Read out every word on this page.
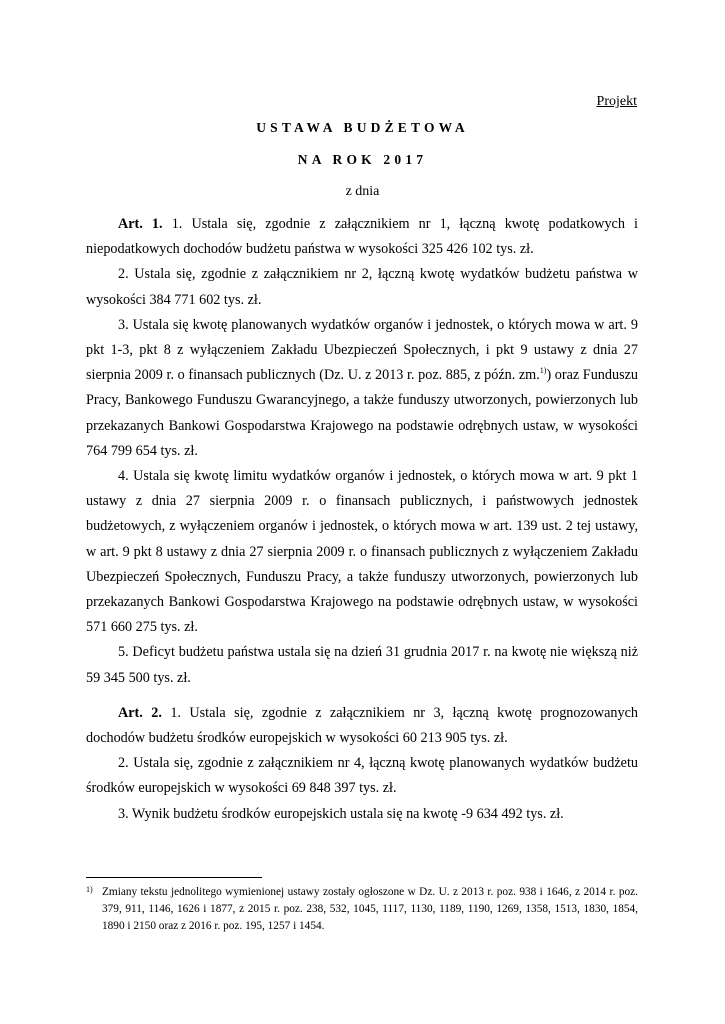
Projekt
USTAWA BUDŻETOWA
NA ROK 2017
z dnia

Art. 1. 1. Ustala się, zgodnie z załącznikiem nr 1, łączną kwotę podatkowych i niepodatkowych dochodów budżetu państwa w wysokości 325 426 102 tys. zł.

2. Ustala się, zgodnie z załącznikiem nr 2, łączną kwotę wydatków budżetu państwa w wysokości 384 771 602 tys. zł.

3. Ustala się kwotę planowanych wydatków organów i jednostek, o których mowa w art. 9 pkt 1-3, pkt 8 z wyłączeniem Zakładu Ubezpieczeń Społecznych, i pkt 9 ustawy z dnia 27 sierpnia 2009 r. o finansach publicznych (Dz. U. z 2013 r. poz. 885, z późn. zm.$^{1)}$) oraz Funduszu Pracy, Bankowego Funduszu Gwarancyjnego, a także funduszy utworzonych, powierzonych lub przekazanych Bankowi Gospodarstwa Krajowego na podstawie odrębnych ustaw, w wysokości 764 799 654 tys. zł.

4. Ustala się kwotę limitu wydatków organów i jednostek, o których mowa w art. 9 pkt 1 ustawy z dnia 27 sierpnia 2009 r. o finansach publicznych, i państwowych jednostek budżetowych, z wyłączeniem organów i jednostek, o których mowa w art. 139 ust. 2 tej ustawy, w art. 9 pkt 8 ustawy z dnia 27 sierpnia 2009 r. o finansach publicznych z wyłączeniem Zakładu Ubezpieczeń Społecznych, Funduszu Pracy, a także funduszy utworzonych, powierzonych lub przekazanych Bankowi Gospodarstwa Krajowego na podstawie odrębnych ustaw, w wysokości 571 660 275 tys. zł.

5. Deficyt budżetu państwa ustala się na dzień 31 grudnia 2017 r. na kwotę nie większą niż 59 345 500 tys. zł.

Art. 2. 1. Ustala się, zgodnie z załącznikiem nr 3, łączną kwotę prognozowanych dochodów budżetu środków europejskich w wysokości 60 213 905 tys. zł.

2. Ustala się, zgodnie z załącznikiem nr 4, łączną kwotę planowanych wydatków budżetu środków europejskich w wysokości 69 848 397 tys. zł.

3. Wynik budżetu środków europejskich ustala się na kwotę -9 634 492 tys. zł.

1) Zmiany tekstu jednolitego wymienionej ustawy zostały ogłoszone w Dz. U. z 2013 r. poz. 938 i 1646, z 2014 r. poz. 379, 911, 1146, 1626 i 1877, z 2015 r. poz. 238, 532, 1045, 1117, 1130, 1189, 1190, 1269, 1358, 1513, 1830, 1854, 1890 i 2150 oraz z 2016 r. poz. 195, 1257 i 1454.
